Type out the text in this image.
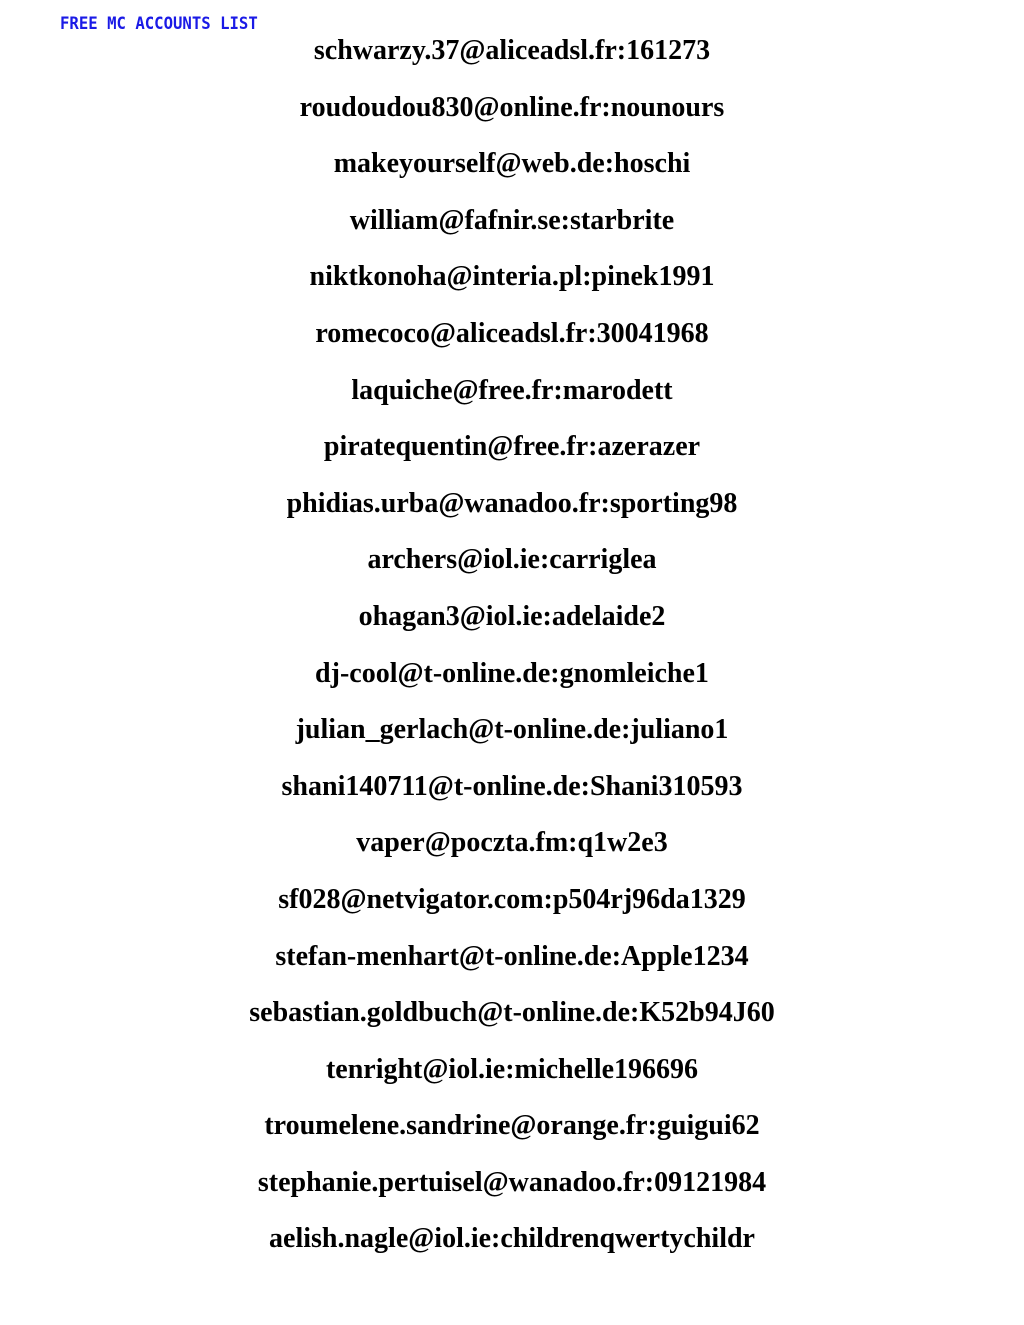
FREE MC ACCOUNTS LIST
schwarzy.37@aliceadsl.fr:161273
roudoudou830@online.fr:nounours
makeyourself@web.de:hoschi
william@fafnir.se:starbrite
niktkonoha@interia.pl:pinek1991
romecoco@aliceadsl.fr:30041968
laquiche@free.fr:marodett
piratequentin@free.fr:azerazer
phidias.urba@wanadoo.fr:sporting98
archers@iol.ie:carriglea
ohagan3@iol.ie:adelaide2
dj-cool@t-online.de:gnomleiche1
julian_gerlach@t-online.de:juliano1
shani140711@t-online.de:Shani310593
vaper@poczta.fm:q1w2e3
sf028@netvigator.com:p504rj96da1329
stefan-menhart@t-online.de:Apple1234
sebastian.goldbuch@t-online.de:K52b94J60
tenright@iol.ie:michelle196696
troumelene.sandrine@orange.fr:guigui62
stephanie.pertuisel@wanadoo.fr:09121984
aelish.nagle@iol.ie:childrenqwertychildr
